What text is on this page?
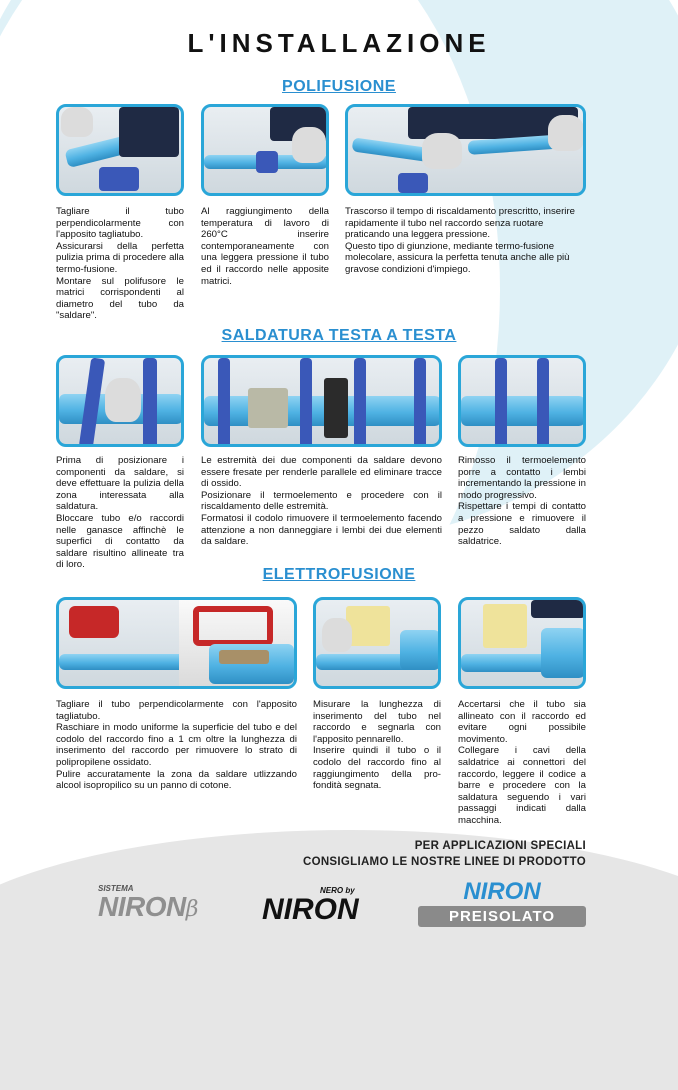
L'INSTALLAZIONE
POLIFUSIONE

Tagliare il tubo perpendicolarmente con l'apposito tagliatubo.

Assicurarsi della perfetta pulizia prima di procedere alla termo-fusione.

Montare sul polifusore le matrici corrispondenti al diametro del tubo da "saldare".

Al raggiungimento della temperatura di lavoro di 260°C inserire contemporaneamente con una leggera pressione il tubo ed il raccordo nelle apposite matrici.

Trascorso il tempo di riscaldamento prescritto, inserire rapidamente il tubo nel raccordo senza ruotare praticando una leggera pressione.

Questo tipo di giunzione, mediante termo-fusione molecolare, assicura la perfetta tenuta anche alle più gravose condizioni d'impiego.

SALDATURA TESTA A TESTA

Prima di posizionare i componenti da saldare, si deve effettuare la pulizia della zona interessata alla saldatura.

Bloccare tubo e/o raccordi nelle ganasce affinchè le superfici di contatto da saldare risultino allineate tra di loro.

Le estremità dei due componenti da saldare devono essere fresate per renderle parallele ed eliminare tracce di ossido.

Posizionare il termoelemento e procedere con il riscaldamento delle estremità.

Formatosi il codolo rimuovere il termoelemento facendo attenzione a non danneggiare i lembi dei due elementi da saldare.

Rimosso il termoelemento porre a contatto i lembi incrementando la pressione in modo progressivo.

Rispettare i tempi di contatto a pressione e rimuovere il pezzo saldato dalla saldatrice.

ELETTROFUSIONE

Tagliare il tubo perpendicolarmente con l'apposito tagliatubo.

Raschiare in modo uniforme la superficie del tubo e del codolo del raccordo fino a 1 cm oltre la lunghezza di inserimento del raccordo per rimuovere lo strato di polipropilene ossidato.

Pulire accuratamente la zona da saldare utlizzando alcool isopropilico su un panno di cotone.

Misurare la lunghezza di inserimento del tubo nel raccordo e segnarla con l'apposito pennarello.

Inserire quindi il tubo o il codolo del raccordo fino al raggiungimento della pro-fondità segnata.

Accertarsi che il tubo sia allineato con il raccordo ed evitare ogni possibile movimento.

Collegare i cavi della saldatrice ai connettori del raccordo, leggere il codice a barre e procedere con la saldatura seguendo i vari passaggi indicati dalla macchina.

PER APPLICAZIONI SPECIALI
CONSIGLIAMO LE NOSTRE LINEE DI PRODOTTO
SISTEMA
NIRONβ
NERO by
NIRON
NIRON
PREISOLATO
